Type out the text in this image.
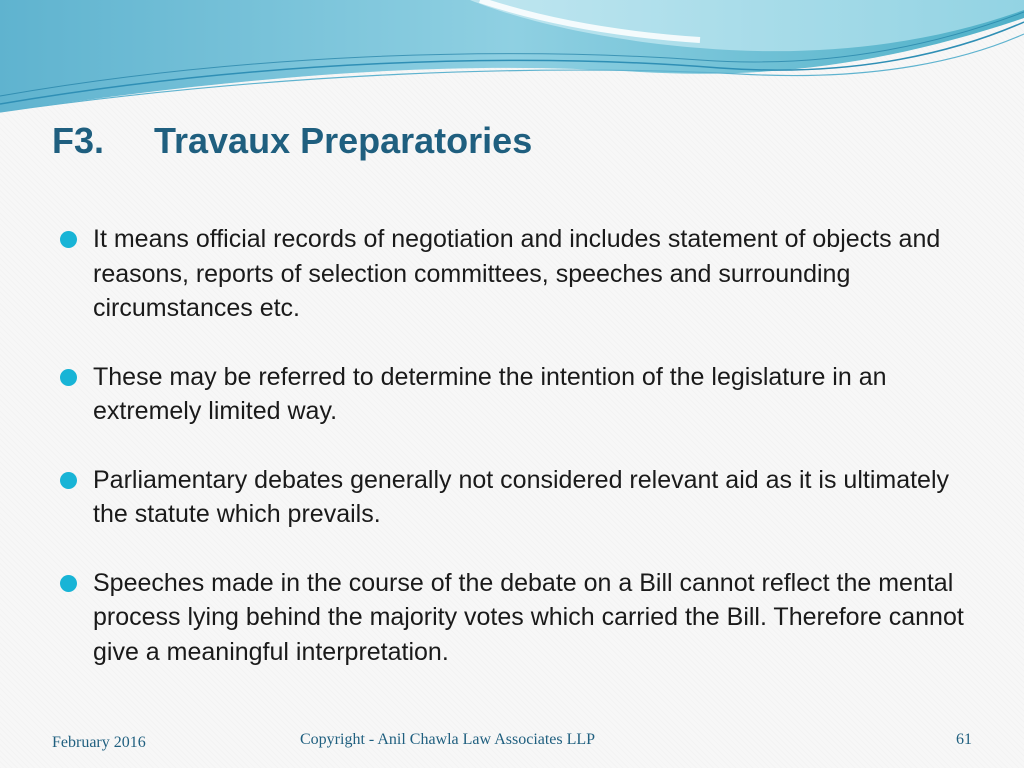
F3. Travaux Preparatories
It means official records of negotiation and includes statement of objects and reasons, reports of selection committees, speeches and surrounding circumstances etc.
These may be referred to determine the intention of the legislature in an extremely limited way.
Parliamentary debates generally not considered relevant aid as it is ultimately the statute which prevails.
Speeches made in the course of the debate on a Bill cannot reflect the mental process lying behind the majority votes which carried the Bill. Therefore cannot give a meaningful interpretation.
February 2016	Copyright - Anil Chawla Law Associates LLP	61
